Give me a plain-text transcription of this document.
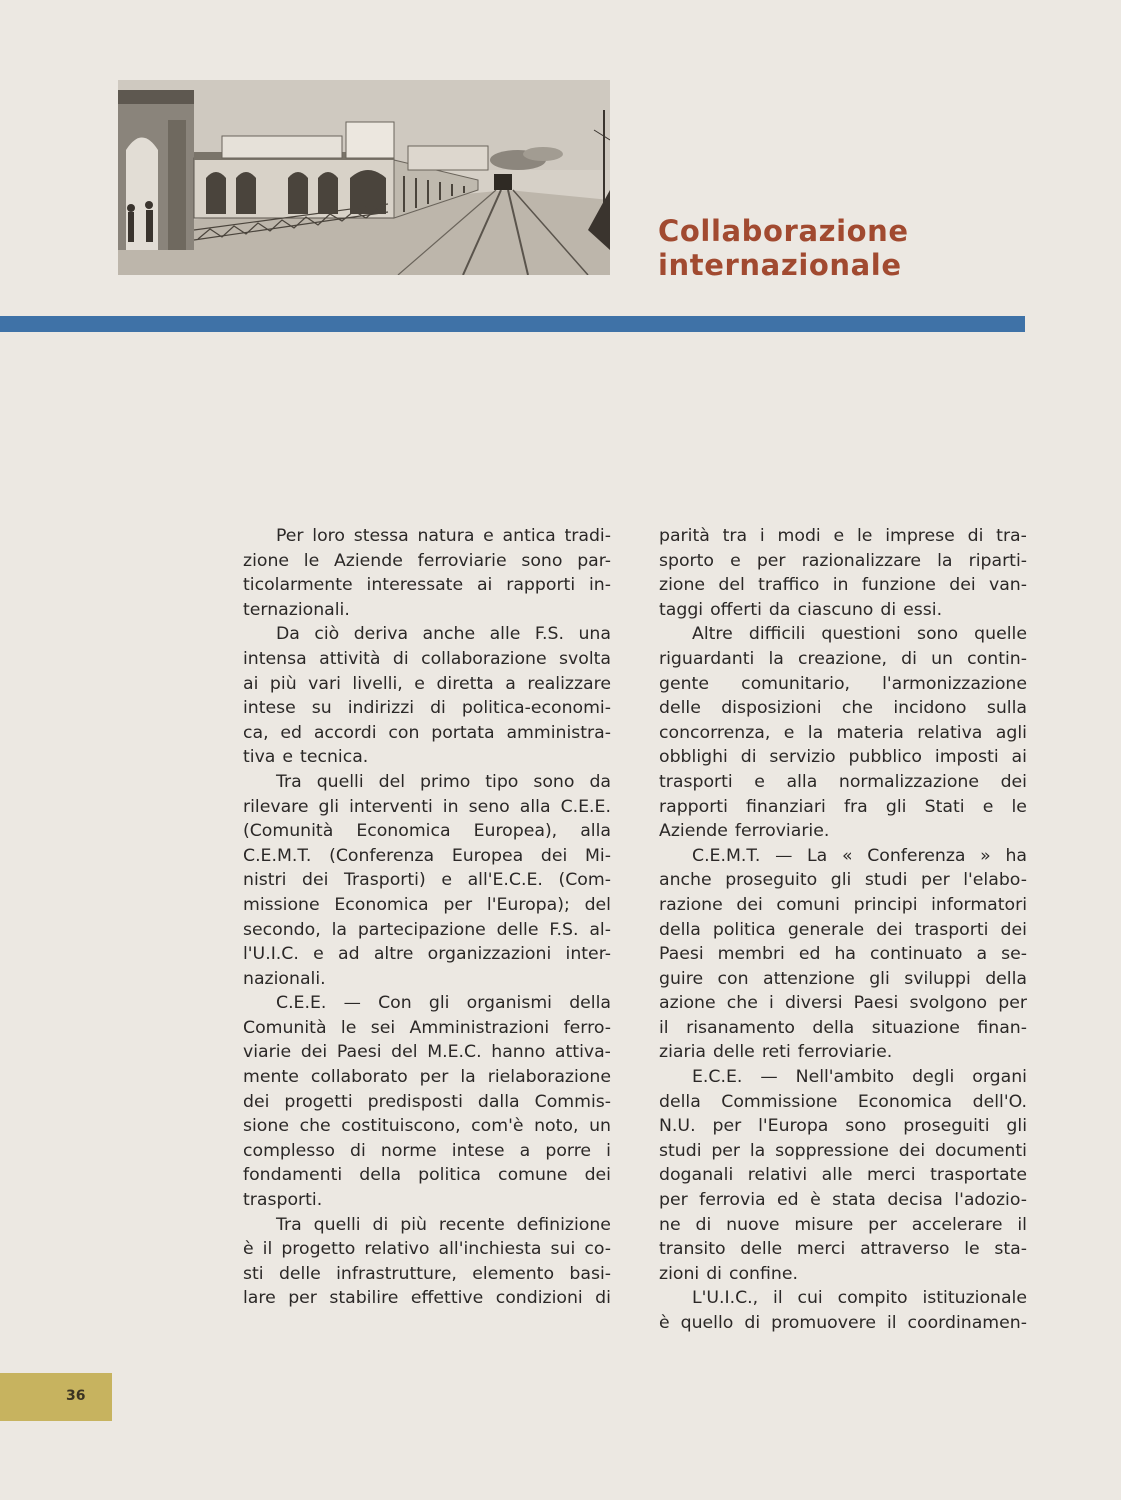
Collaborazione
internazionale
Per loro stessa natura e antica tradi-
zione le Aziende ferroviarie sono par-
ticolarmente interessate ai rapporti in-
ternazionali.
Da ciò deriva anche alle F.S. una
intensa attività di collaborazione svolta
ai più vari livelli, e diretta a realizzare
intese su indirizzi di politica-economi-
ca, ed accordi con portata amministra-
tiva e tecnica.
Tra quelli del primo tipo sono da
rilevare gli interventi in seno alla C.E.E.
(Comunità Economica Europea), alla
C.E.M.T. (Conferenza Europea dei Mi-
nistri dei Trasporti) e all'E.C.E. (Com-
missione Economica per l'Europa); del
secondo, la partecipazione delle F.S. al-
l'U.I.C. e ad altre organizzazioni inter-
nazionali.
C.E.E. — Con gli organismi della
Comunità le sei Amministrazioni ferro-
viarie dei Paesi del M.E.C. hanno attiva-
mente collaborato per la rielaborazione
dei progetti predisposti dalla Commis-
sione che costituiscono, com'è noto, un
complesso di norme intese a porre i
fondamenti della politica comune dei
trasporti.
Tra quelli di più recente definizione
è il progetto relativo all'inchiesta sui co-
sti delle infrastrutture, elemento basi-
lare per stabilire effettive condizioni di
parità tra i modi e le imprese di tra-
sporto e per razionalizzare la riparti-
zione del traffico in funzione dei van-
taggi offerti da ciascuno di essi.
Altre difficili questioni sono quelle
riguardanti la creazione, di un contin-
gente comunitario, l'armonizzazione
delle disposizioni che incidono sulla
concorrenza, e la materia relativa agli
obblighi di servizio pubblico imposti ai
trasporti e alla normalizzazione dei
rapporti finanziari fra gli Stati e le
Aziende ferroviarie.
C.E.M.T. — La « Conferenza » ha
anche proseguito gli studi per l'elabo-
razione dei comuni principi informatori
della politica generale dei trasporti dei
Paesi membri ed ha continuato a se-
guire con attenzione gli sviluppi della
azione che i diversi Paesi svolgono per
il risanamento della situazione finan-
ziaria delle reti ferroviarie.
E.C.E. — Nell'ambito degli organi
della Commissione Economica dell'O.
N.U. per l'Europa sono proseguiti gli
studi per la soppressione dei documenti
doganali relativi alle merci trasportate
per ferrovia ed è stata decisa l'adozio-
ne di nuove misure per accelerare il
transito delle merci attraverso le sta-
zioni di confine.
L'U.I.C., il cui compito istituzionale
è quello di promuovere il coordinamen-
36
